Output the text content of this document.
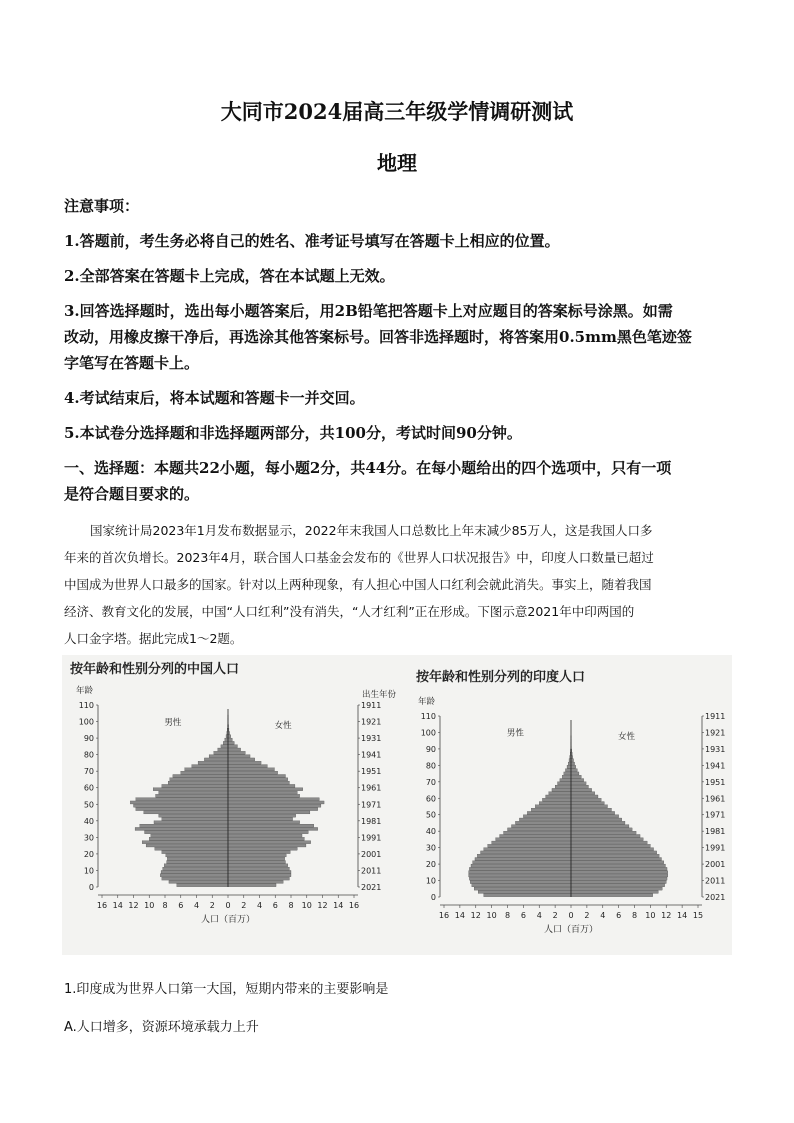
大同市2024届高三年级学情调研测试
地理
注意事项：
1.答题前，考生务必将自己的姓名、准考证号填写在答题卡上相应的位置。
2.全部答案在答题卡上完成，答在本试题上无效。
3.回答选择题时，选出每小题答案后，用2B铅笔把答题卡上对应题目的答案标号涂黑。如需
改动，用橡皮擦干净后，再选涂其他答案标号。回答非选择题时，将答案用0.5mm黑色笔迹签
字笔写在答题卡上。
4.考试结束后，将本试题和答题卡一并交回。
5.本试卷分选择题和非选择题两部分，共100分，考试时间90分钟。
一、选择题：本题共22小题，每小题2分，共44分。在每小题给出的四个选项中，只有一项
是符合题目要求的。
国家统计局2023年1月发布数据显示，2022年末我国人口总数比上年末减少85万人，这是我国人口多
年来的首次负增长。2023年4月，联合国人口基金会发布的《世界人口状况报告》中，印度人口数量已超过
中国成为世界人口最多的国家。针对以上两种现象，有人担心中国人口红利会就此消失。事实上，随着我国
经济、教育文化的发展，中国“人口红利”没有消失，“人才红利”正在形成。下图示意2021年中印两国的
人口金字塔。据此完成1～2题。
按年龄和性别分列的中国人口
年龄	出生年份
男性	女性
0
10
20
30
40
50
60
70
80
90
100
110
2021
2011
2001
1991
1981
1971
1961
1951
1941
1931
1921
1911
16 14 12 10 8 6 4 2 0 2 4 6 8 10 12 14 16
人口（百万）
按年龄和性别分列的印度人口
年龄
男性	女性
0
10
20
30
40
50
60
70
80
90
100
110
2021
2011
2001
1991
1981
1971
1961
1951
1941
1931
1921
1911
16 14 12 10 8 6 4 2 0 2 4 6 8 10 12 14 15
人口（百万）
1.印度成为世界人口第一大国，短期内带来的主要影响是
A.人口增多，资源环境承载力上升
